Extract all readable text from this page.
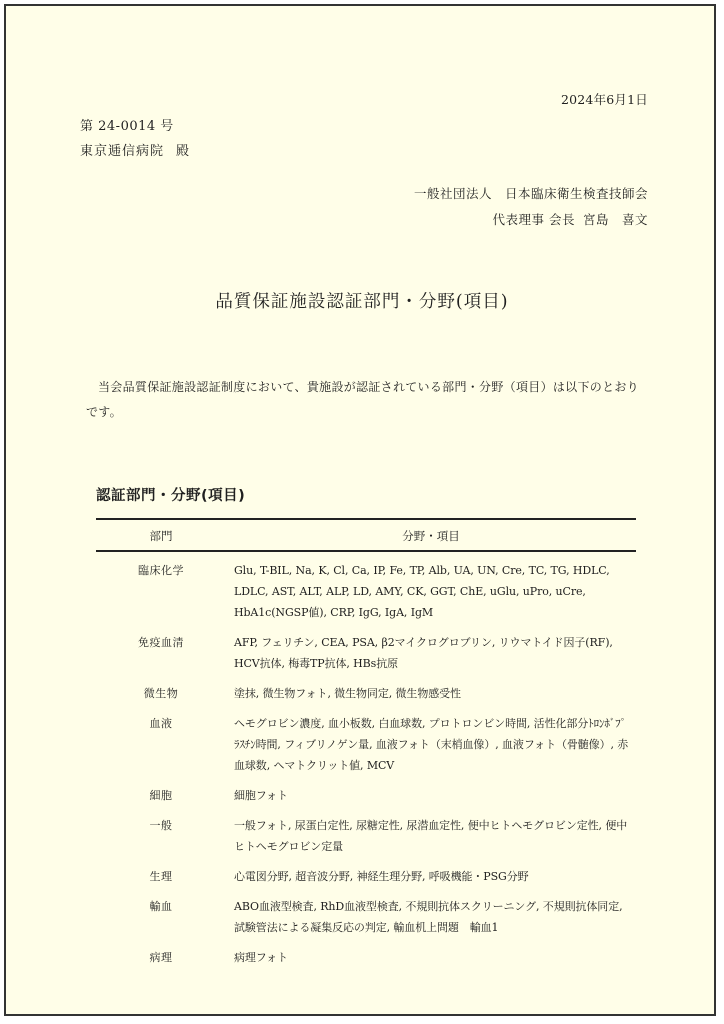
2024年6月1日
第 24-0014 号
東京逓信病院 殿
一般社団法人　日本臨床衛生検査技師会
代表理事 会長 宮島　喜文
品質保証施設認証部門・分野(項目)
当会品質保証施設認証制度において、貴施設が認証されている部門・分野（項目）は以下のとおりです。
認証部門・分野(項目)
部門	分野・項目
臨床化学	Glu, T-BIL, Na, K, Cl, Ca, IP, Fe, TP, Alb, UA, UN, Cre, TC, TG, HDLC, LDLC, AST, ALT, ALP, LD, AMY, CK, GGT, ChE, uGlu, uPro, uCre, HbA1c(NGSP値), CRP, IgG, IgA, IgM
免疫血清	AFP, フェリチン, CEA, PSA, β2マイクログロブリン, リウマトイド因子(RF), HCV抗体, 梅毒TP抗体, HBs抗原
微生物	塗抹, 微生物フォト, 微生物同定, 微生物感受性
血液	ヘモグロビン濃度, 血小板数, 白血球数, プロトロンビン時間, 活性化部分ﾄﾛﾝﾎﾞﾌﾟﾗｽﾁﾝ時間, フィブリノゲン量, 血液フォト（末梢血像）, 血液フォト（骨髄像）, 赤血球数, ヘマトクリット値, MCV
細胞	細胞フォト
一般	一般フォト, 尿蛋白定性, 尿糖定性, 尿潜血定性, 便中ヒトヘモグロビン定性, 便中ヒトヘモグロビン定量
生理	心電図分野, 超音波分野, 神経生理分野, 呼吸機能・PSG分野
輸血	ABO血液型検査, RhD血液型検査, 不規則抗体スクリーニング, 不規則抗体同定, 試験管法による凝集反応の判定, 輸血机上問題　輸血1
病理	病理フォト
